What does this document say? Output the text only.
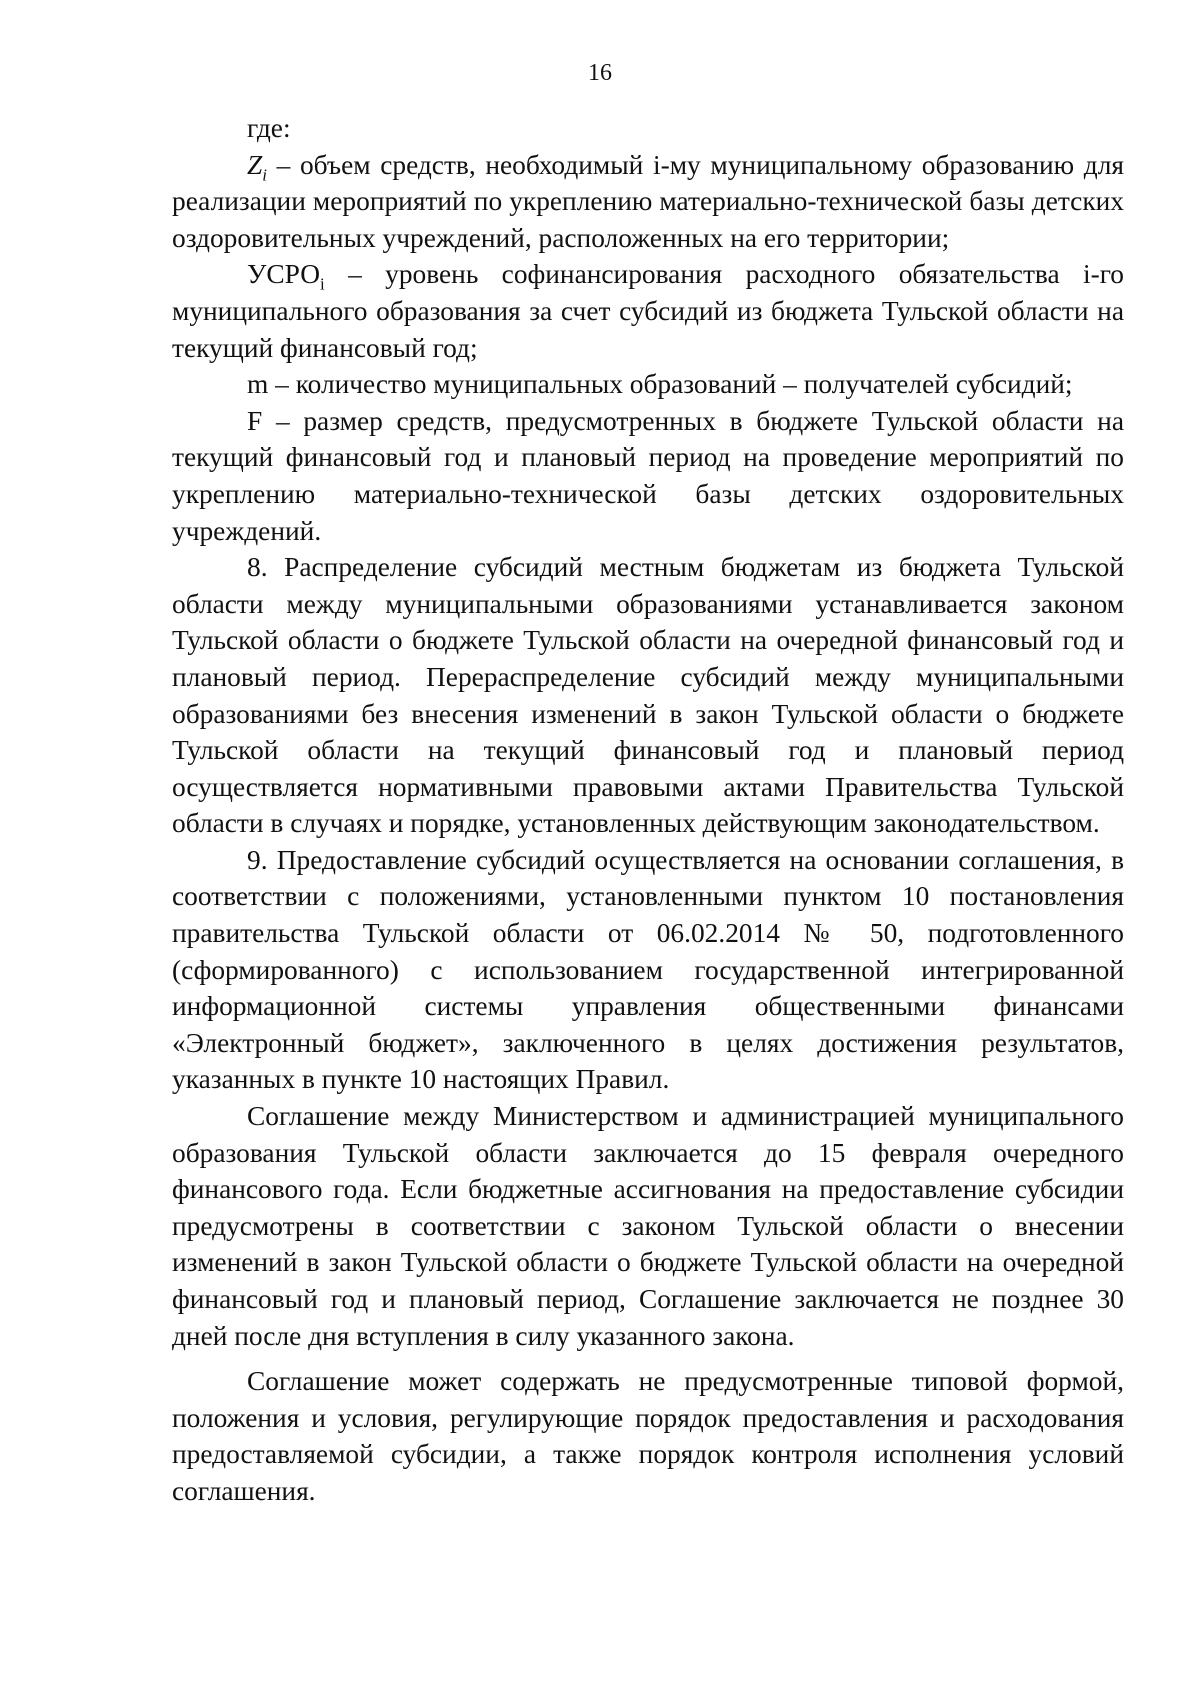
16

где:

$Z_i$ – объем средств, необходимый i-му муниципальному образованию для реализации мероприятий по укреплению материально-технической базы детских оздоровительных учреждений, расположенных на его территории;

$УСРО_i$ – уровень софинансирования расходного обязательства i-го муниципального образования за счет субсидий из бюджета Тульской области на текущий финансовый год;

m – количество муниципальных образований – получателей субсидий;

F – размер средств, предусмотренных в бюджете Тульской области на текущий финансовый год и плановый период на проведение мероприятий по укреплению материально-технической базы детских оздоровительных учреждений.

8. Распределение субсидий местным бюджетам из бюджета Тульской области между муниципальными образованиями устанавливается законом Тульской области о бюджете Тульской области на очередной финансовый год и плановый период. Перераспределение субсидий между муниципальными образованиями без внесения изменений в закон Тульской области о бюджете Тульской области на текущий финансовый год и плановый период осуществляется нормативными правовыми актами Правительства Тульской области в случаях и порядке, установленных действующим законодательством.

9. Предоставление субсидий осуществляется на основании соглашения, в соответствии с положениями, установленными пунктом 10 постановления правительства Тульской области от 06.02.2014 № 50, подготовленного (сформированного) с использованием государственной интегрированной информационной системы управления общественными финансами «Электронный бюджет», заключенного в целях достижения результатов, указанных в пункте 10 настоящих Правил.

Соглашение между Министерством и администрацией муниципального образования Тульской области заключается до 15 февраля очередного финансового года. Если бюджетные ассигнования на предоставление субсидии предусмотрены в соответствии с законом Тульской области о внесении изменений в закон Тульской области о бюджете Тульской области на очередной финансовый год и плановый период, Соглашение заключается не позднее 30 дней после дня вступления в силу указанного закона.

Соглашение может содержать не предусмотренные типовой формой, положения и условия, регулирующие порядок предоставления и расходования предоставляемой субсидии, а также порядок контроля исполнения условий соглашения.
